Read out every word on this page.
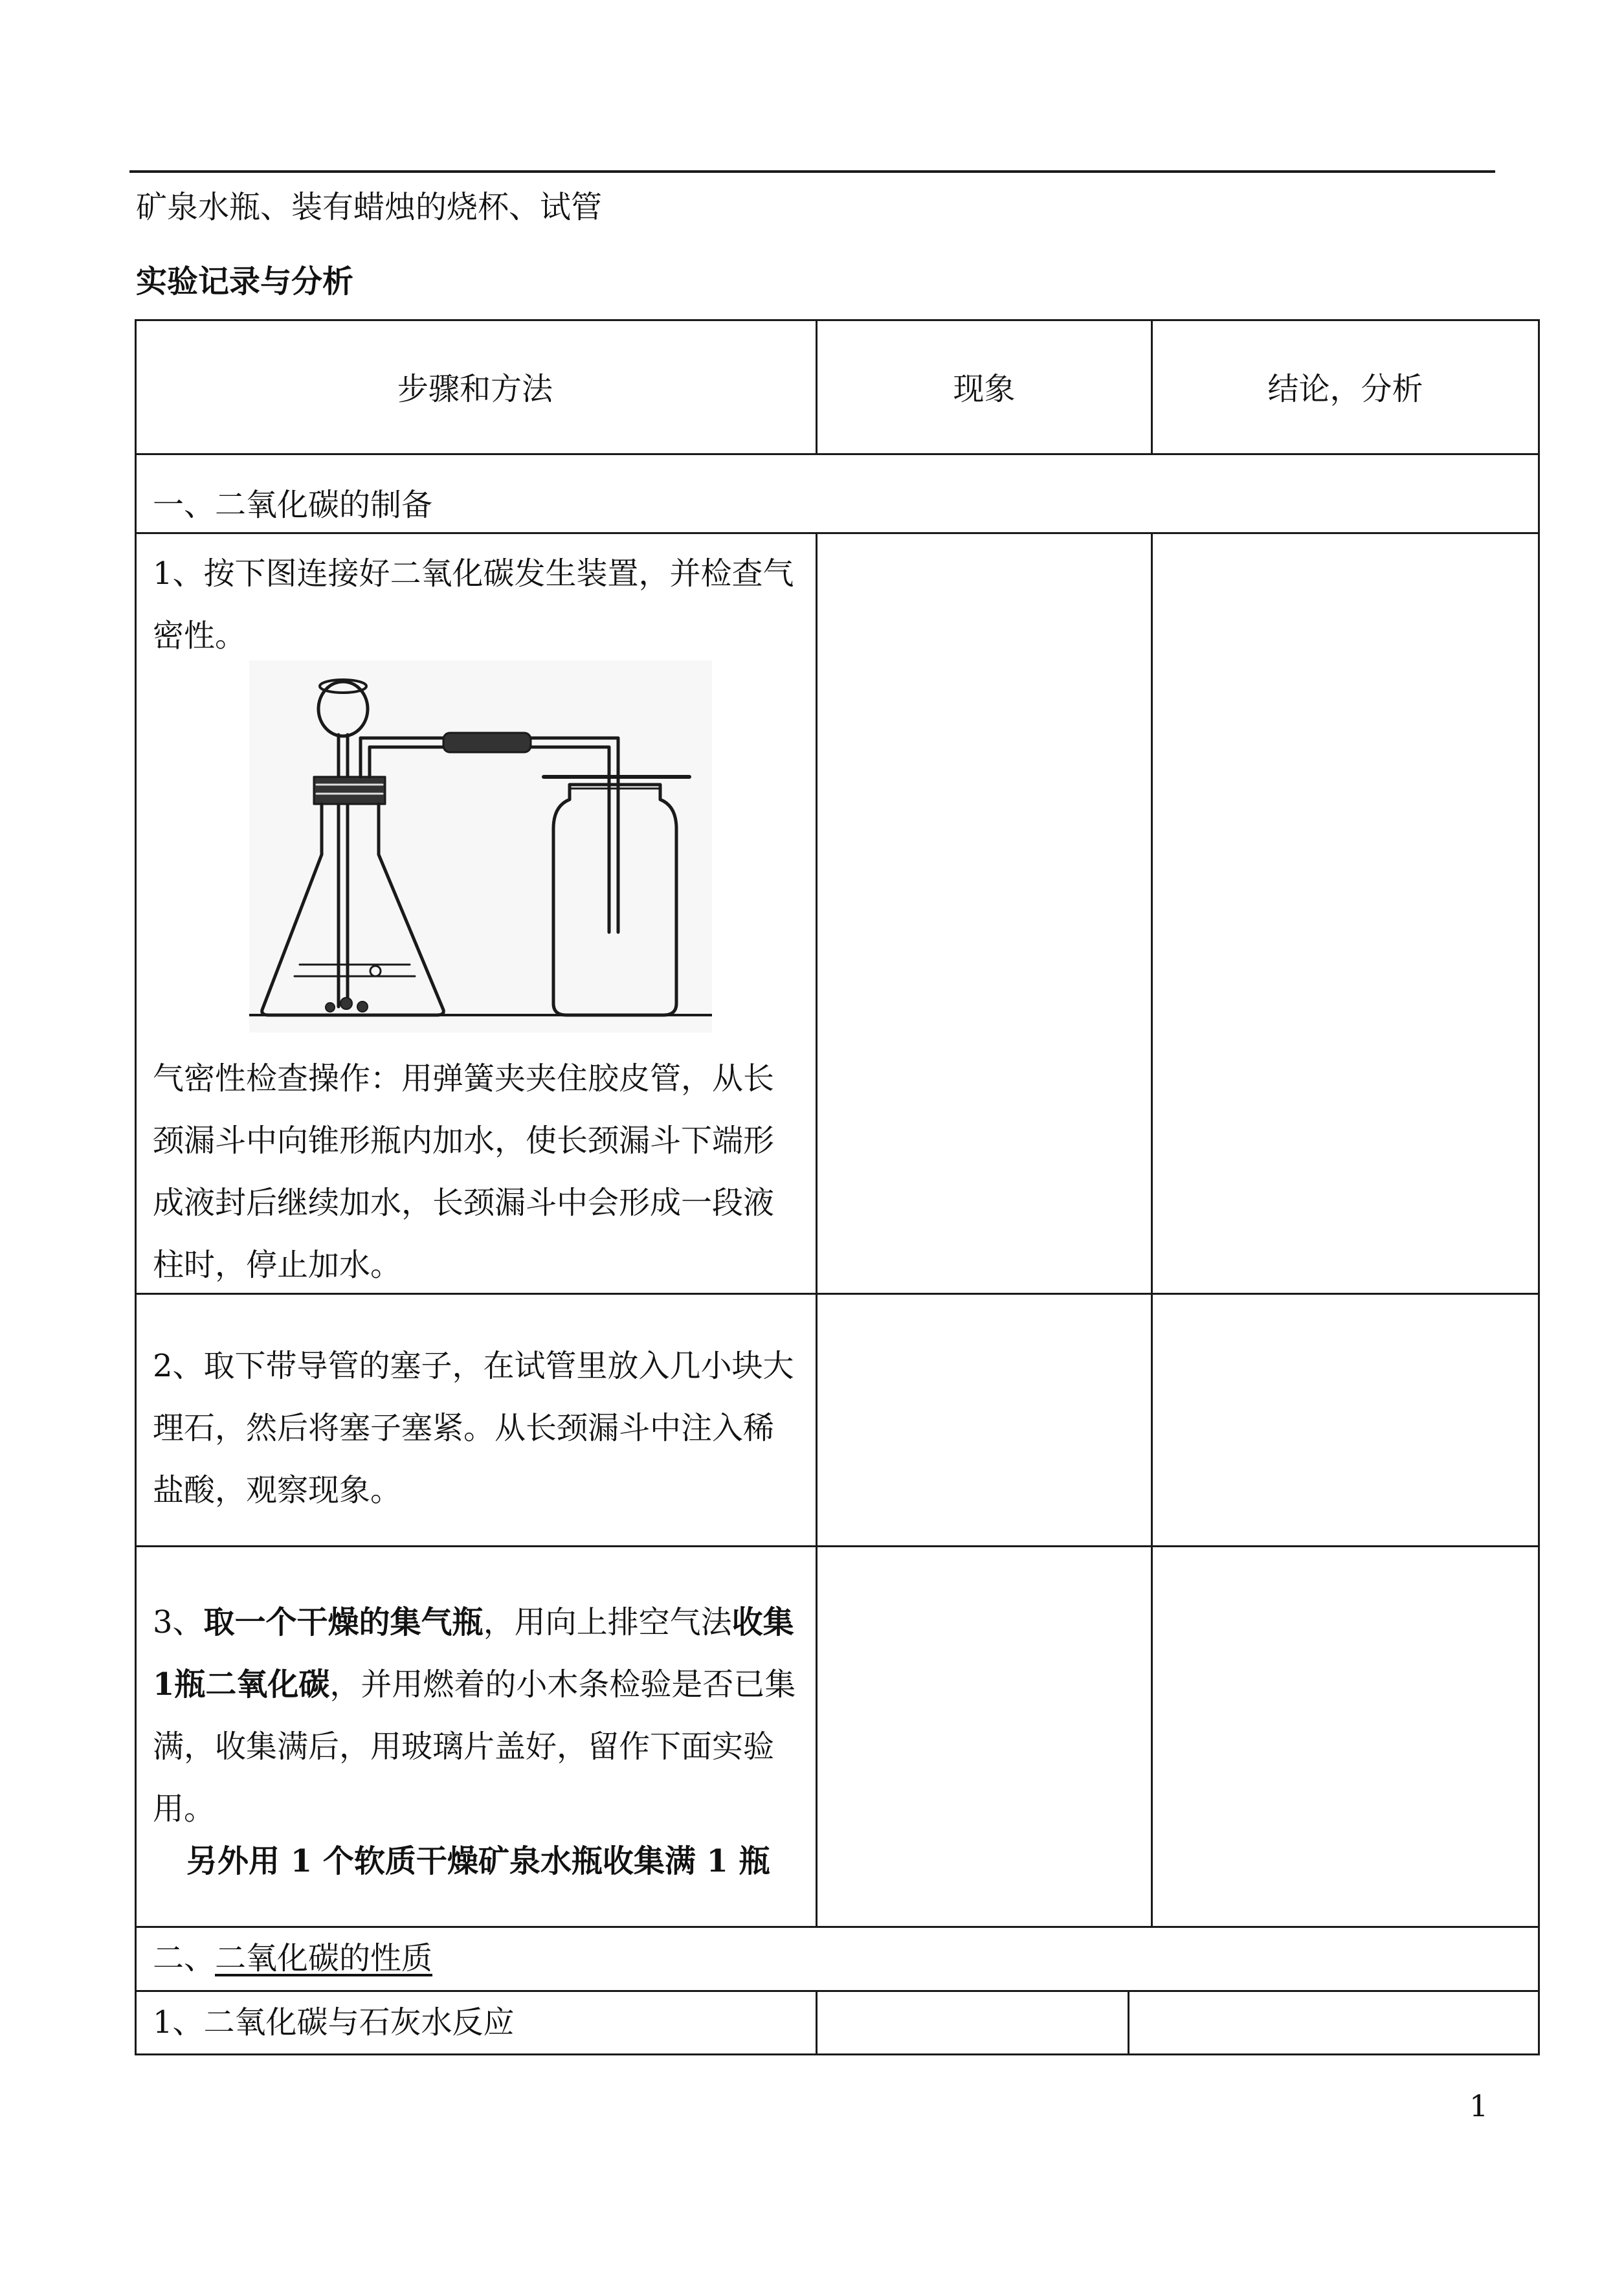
矿泉水瓶、装有蜡烛的烧杯、试管
实验记录与分析
步骤和方法	现象	结论，分析
一、二氧化碳的制备
1、按下图连接好二氧化碳发生装置，并检查气密性。
气密性检查操作：用弹簧夹夹住胶皮管，从长颈漏斗中向锥形瓶内加水，使长颈漏斗下端形成液封后继续加水，长颈漏斗中会形成一段液柱时，停止加水。
2、取下带导管的塞子，在试管里放入几小块大理石，然后将塞子塞紧。从长颈漏斗中注入稀盐酸，观察现象。
3、取一个干燥的集气瓶，用向上排空气法收集1瓶二氧化碳，并用燃着的小木条检验是否已集满，收集满后，用玻璃片盖好，留作下面实验用。
另外用 1 个软质干燥矿泉水瓶收集满 1 瓶
二、二氧化碳的性质
1、二氧化碳与石灰水反应
1
